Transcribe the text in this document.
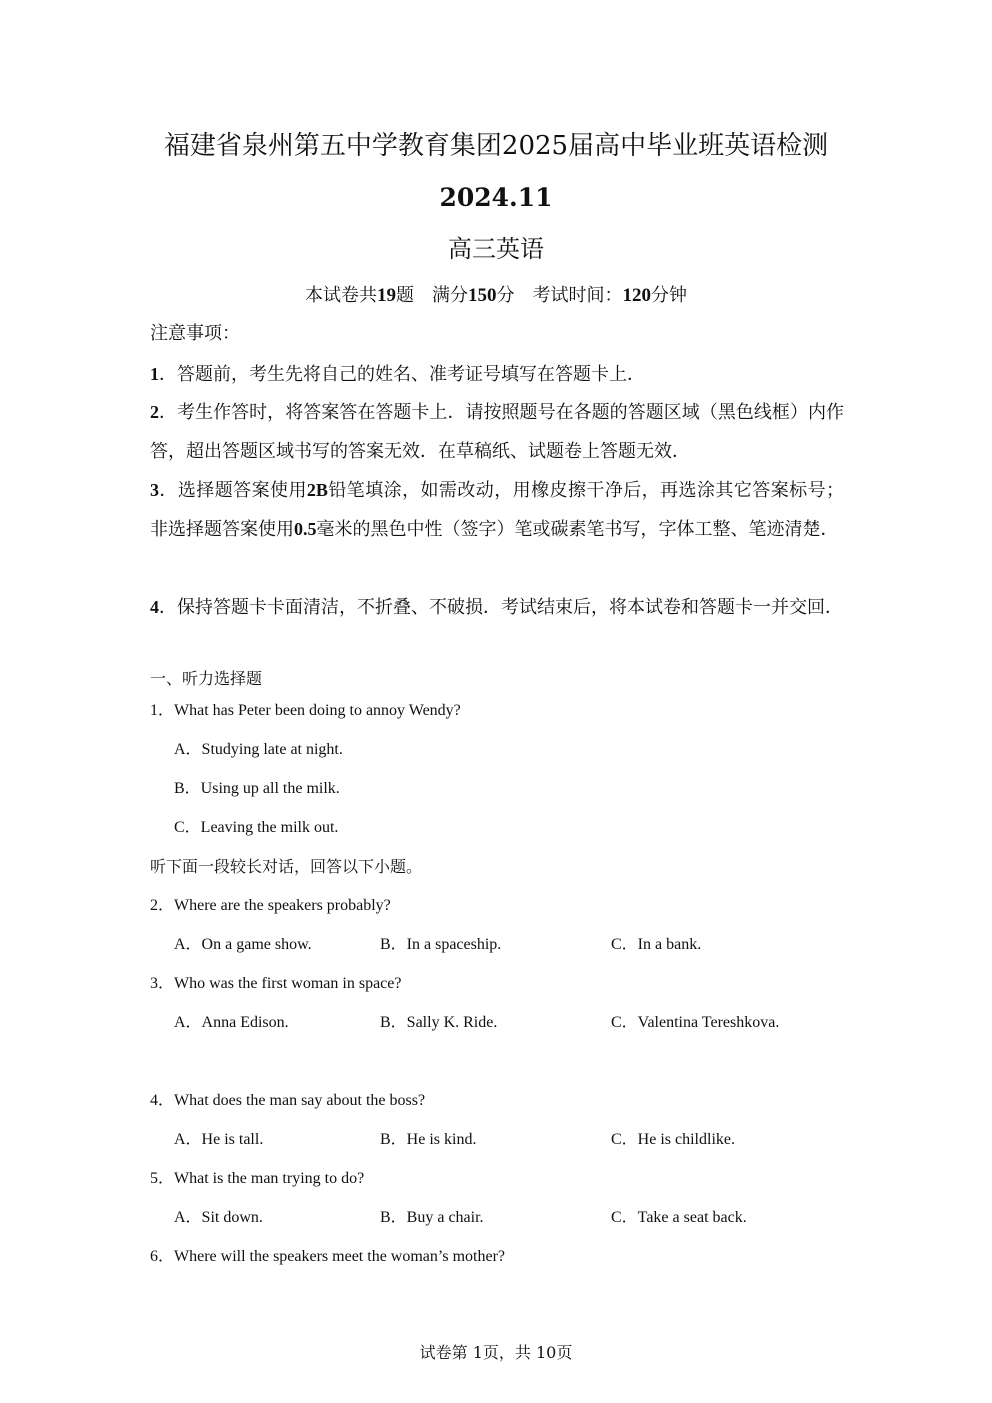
福建省泉州第五中学教育集团2025届高中毕业班英语检测
2024.11
高三英语
本试卷共19题　满分150分　考试时间：120分钟
注意事项：
1．答题前，考生先将自己的姓名、准考证号填写在答题卡上．
2．考生作答时，将答案答在答题卡上．请按照题号在各题的答题区域（黑色线框）内作答，超出答题区域书写的答案无效．在草稿纸、试题卷上答题无效．
3．选择题答案使用2B铅笔填涂，如需改动，用橡皮擦干净后，再选涂其它答案标号；非选择题答案使用0.5毫米的黑色中性（签字）笔或碳素笔书写，字体工整、笔迹清楚．
4．保持答题卡卡面清洁，不折叠、不破损．考试结束后，将本试卷和答题卡一并交回．
一、听力选择题
1．What has Peter been doing to annoy Wendy?
A．Studying late at night.
B．Using up all the milk.
C．Leaving the milk out.
听下面一段较长对话，回答以下小题。
2．Where are the speakers probably?
A．On a game show.	B．In a spaceship.	C．In a bank.
3．Who was the first woman in space?
A．Anna Edison.	B．Sally K. Ride.	C．Valentina Tereshkova.
4．What does the man say about the boss?
A．He is tall.	B．He is kind.	C．He is childlike.
5．What is the man trying to do?
A．Sit down.	B．Buy a chair.	C．Take a seat back.
6．Where will the speakers meet the woman’s mother?
试卷第 1页，共 10页
